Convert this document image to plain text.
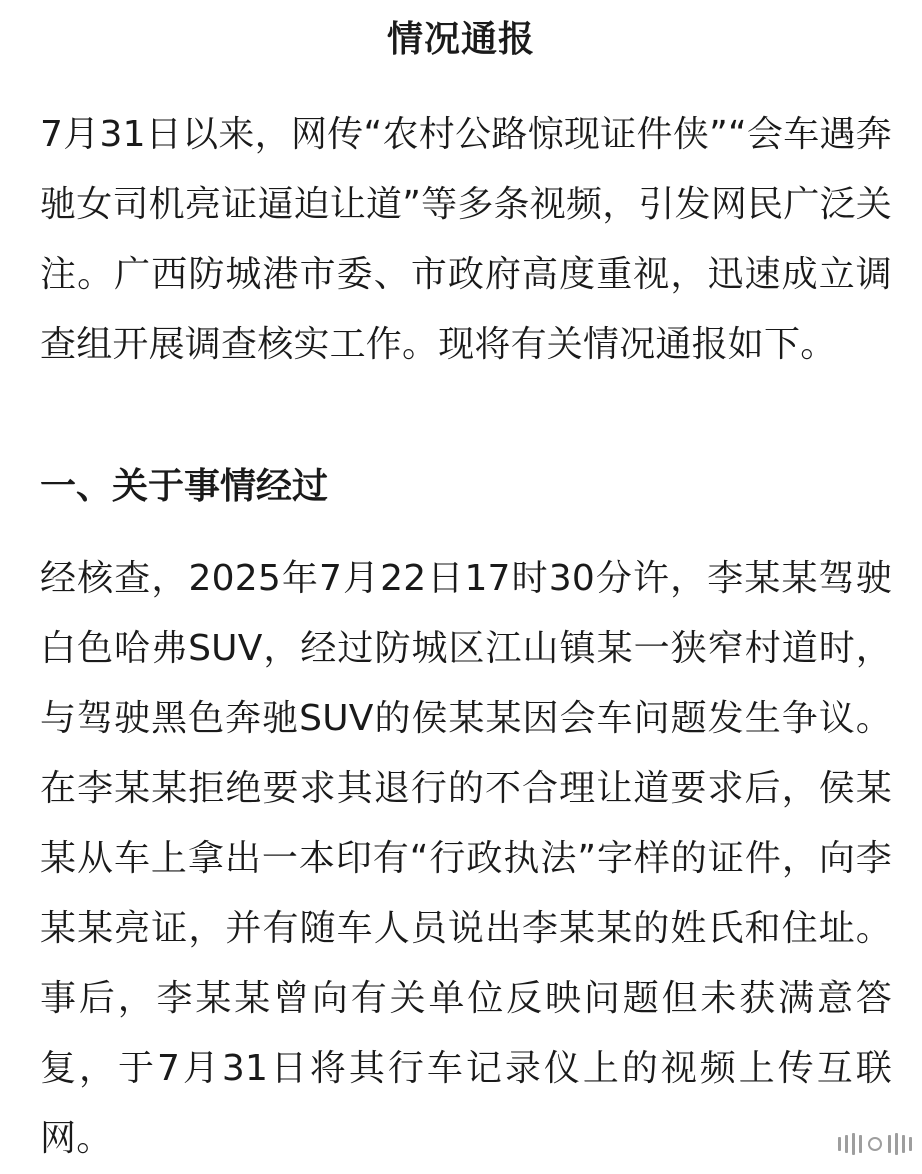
情况通报

7月31日以来，网传“农村公路惊现证件侠”“会车遇奔驰女司机亮证逼迫让道”等多条视频，引发网民广泛关注。广西防城港市委、市政府高度重视，迅速成立调查组开展调查核实工作。现将有关情况通报如下。

一、关于事情经过

经核查，2025年7月22日17时30分许，李某某驾驶白色哈弗SUV，经过防城区江山镇某一狭窄村道时，与驾驶黑色奔驰SUV的侯某某因会车问题发生争议。在李某某拒绝要求其退行的不合理让道要求后，侯某某从车上拿出一本印有“行政执法”字样的证件，向李某某亮证，并有随车人员说出李某某的姓氏和住址。事后，李某某曾向有关单位反映问题但未获满意答复，于7月31日将其行车记录仪上的视频上传互联网。
